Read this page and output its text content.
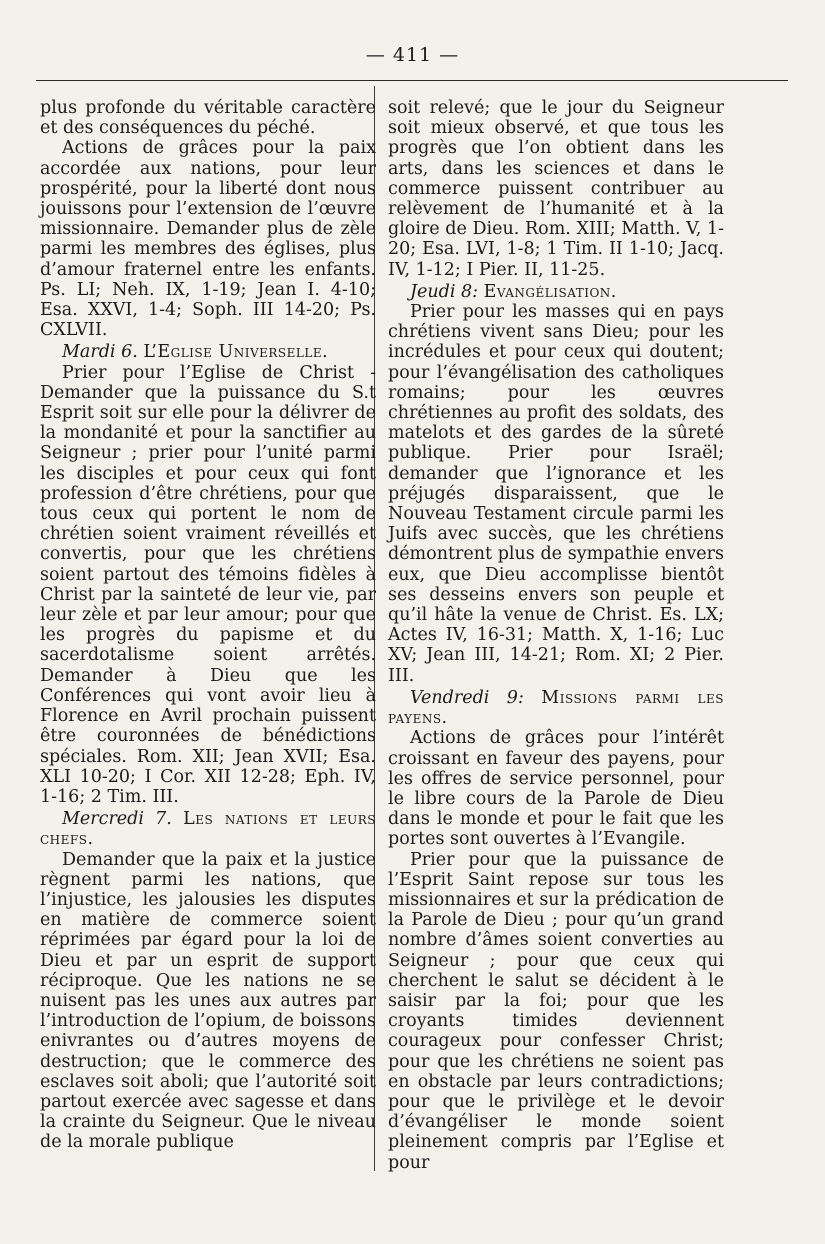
— 411 —

plus profonde du véritable caractère et des conséquences du péché.

Actions de grâces pour la paix accordée aux nations, pour leur prospérité, pour la liberté dont nous jouissons pour l’extension de l’œuvre missionnaire. Demander plus de zèle parmi les membres des églises, plus d’amour fraternel entre les enfants. Ps. LI; Neh. IX, 1-19; Jean I. 4-10; Esa. XXVI, 1-4; Soph. III 14-20; Ps. CXLVII.

Mardi 6. L’Eglise Universelle.

Prier pour l’Eglise de Christ - Demander que la puissance du S.t Esprit soit sur elle pour la délivrer de la mondanité et pour la sanctifier au Seigneur ; prier pour l’unité parmi les disciples et pour ceux qui font profession d’être chrétiens, pour que tous ceux qui portent le nom de chrétien soient vraiment réveillés et convertis, pour que les chrétiens soient partout des témoins fidèles à Christ par la sainteté de leur vie, par leur zèle et par leur amour; pour que les progrès du papisme et du sacerdotalisme soient arrêtés. Demander à Dieu que les Conférences qui vont avoir lieu à Florence en Avril prochain puissent être couronnées de bénédictions spéciales. Rom. XII; Jean XVII; Esa. XLI 10-20; I Cor. XII 12-28; Eph. IV, 1-16; 2 Tim. III.

Mercredi 7. Les nations et leurs chefs.

Demander que la paix et la justice règnent parmi les nations, que l’injustice, les jalousies les disputes en matière de commerce soient réprimées par égard pour la loi de Dieu et par un esprit de support réciproque. Que les nations ne se nuisent pas les unes aux autres par l’introduction de l’opium, de boissons enivrantes ou d’autres moyens de destruction; que le commerce des esclaves soit aboli; que l’autorité soit partout exercée avec sagesse et dans la crainte du Seigneur. Que le niveau de la morale publique

soit relevé; que le jour du Seigneur soit mieux observé, et que tous les progrès que l’on obtient dans les arts, dans les sciences et dans le commerce puissent contribuer au relèvement de l’humanité et à la gloire de Dieu. Rom. XIII; Matth. V, 1-20; Esa. LVI, 1-8; 1 Tim. II 1-10; Jacq. IV, 1-12; I Pier. II, 11-25.

Jeudi 8: Evangélisation.

Prier pour les masses qui en pays chrétiens vivent sans Dieu; pour les incrédules et pour ceux qui doutent; pour l’évangélisation des catholiques romains; pour les œuvres chrétiennes au profit des soldats, des matelots et des gardes de la sûreté publique. Prier pour Israël; demander que l’ignorance et les préjugés disparaissent, que le Nouveau Testament circule parmi les Juifs avec succès, que les chrétiens démontrent plus de sympathie envers eux, que Dieu accomplisse bientôt ses desseins envers son peuple et qu’il hâte la venue de Christ. Es. LX; Actes IV, 16-31; Matth. X, 1-16; Luc XV; Jean III, 14-21; Rom. XI; 2 Pier. III.

Vendredi 9: Missions parmi les payens.

Actions de grâces pour l’intérêt croissant en faveur des payens, pour les offres de service personnel, pour le libre cours de la Parole de Dieu dans le monde et pour le fait que les portes sont ouvertes à l’Evangile.

Prier pour que la puissance de l’Esprit Saint repose sur tous les missionnaires et sur la prédication de la Parole de Dieu ; pour qu’un grand nombre d’âmes soient converties au Seigneur ; pour que ceux qui cherchent le salut se décident à le saisir par la foi; pour que les croyants timides deviennent courageux pour confesser Christ; pour que les chrétiens ne soient pas en obstacle par leurs contradictions; pour que le privilège et le devoir d’évangéliser le monde soient pleinement compris par l’Eglise et pour
